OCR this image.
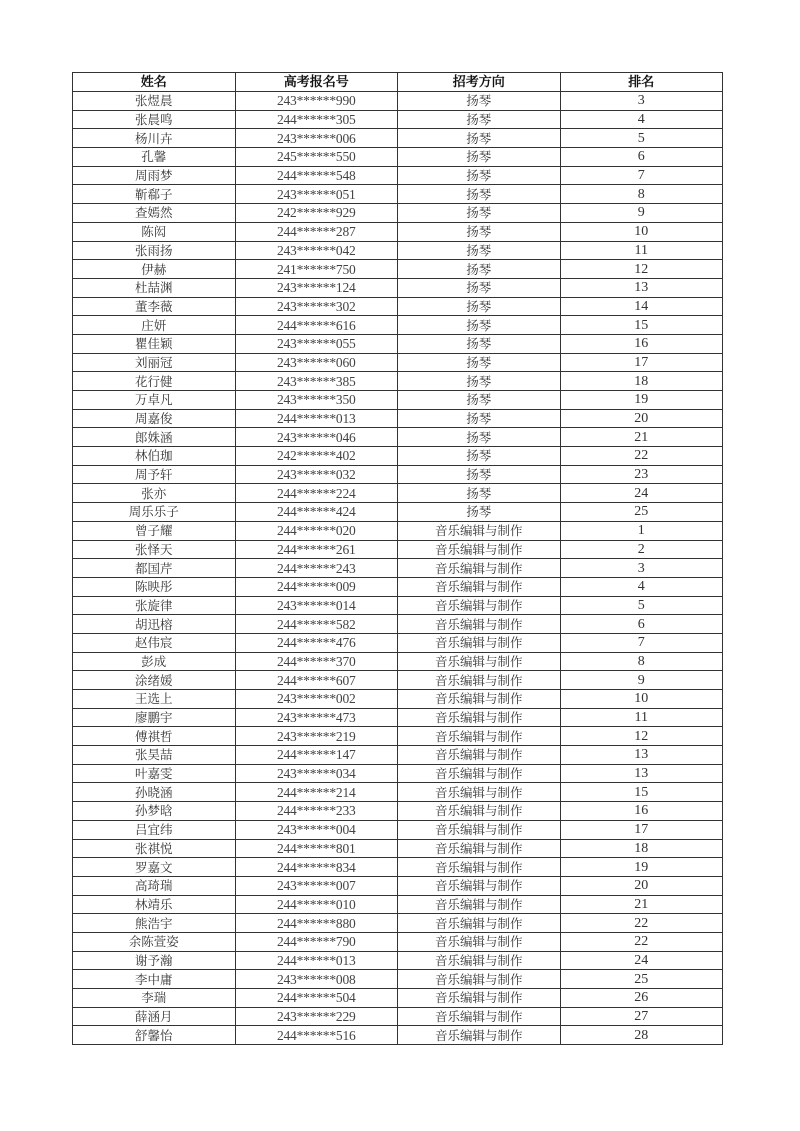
姓名	高考报名号	招考方向	排名
张煜晨	243******990	扬琴	3
张晨鸣	244******305	扬琴	4
杨川卉	243******006	扬琴	5
孔馨	245******550	扬琴	6
周雨梦	244******548	扬琴	7
靳郗子	243******051	扬琴	8
查嫣然	242******929	扬琴	9
陈闳	244******287	扬琴	10
张雨扬	243******042	扬琴	11
伊赫	241******750	扬琴	12
杜喆渊	243******124	扬琴	13
董李薇	243******302	扬琴	14
庄妍	244******616	扬琴	15
瞿佳颖	243******055	扬琴	16
刘丽冠	243******060	扬琴	17
花行健	243******385	扬琴	18
万卓凡	243******350	扬琴	19
周嘉俊	244******013	扬琴	20
郎姝涵	243******046	扬琴	21
林伯珈	242******402	扬琴	22
周予轩	243******032	扬琴	23
张亦	244******224	扬琴	24
周乐乐子	244******424	扬琴	25
曾子耀	244******020	音乐编辑与制作	1
张怿天	244******261	音乐编辑与制作	2
都国芹	244******243	音乐编辑与制作	3
陈映彤	244******009	音乐编辑与制作	4
张旋律	243******014	音乐编辑与制作	5
胡迅榕	244******582	音乐编辑与制作	6
赵伟宸	244******476	音乐编辑与制作	7
彭成	244******370	音乐编辑与制作	8
涂绪媛	244******607	音乐编辑与制作	9
王选上	243******002	音乐编辑与制作	10
廖鹏宇	243******473	音乐编辑与制作	11
傅祺哲	243******219	音乐编辑与制作	12
张昊喆	244******147	音乐编辑与制作	13
叶嘉雯	243******034	音乐编辑与制作	13
孙晓涵	244******214	音乐编辑与制作	15
孙梦晗	244******233	音乐编辑与制作	16
吕宜纬	243******004	音乐编辑与制作	17
张祺悦	244******801	音乐编辑与制作	18
罗嘉文	244******834	音乐编辑与制作	19
高琦瑞	243******007	音乐编辑与制作	20
林靖乐	244******010	音乐编辑与制作	21
熊浩宇	244******880	音乐编辑与制作	22
余陈萱姿	244******790	音乐编辑与制作	22
谢予瀚	244******013	音乐编辑与制作	24
李中庸	243******008	音乐编辑与制作	25
李瑞	244******504	音乐编辑与制作	26
薛涵月	243******229	音乐编辑与制作	27
舒馨怡	244******516	音乐编辑与制作	28
